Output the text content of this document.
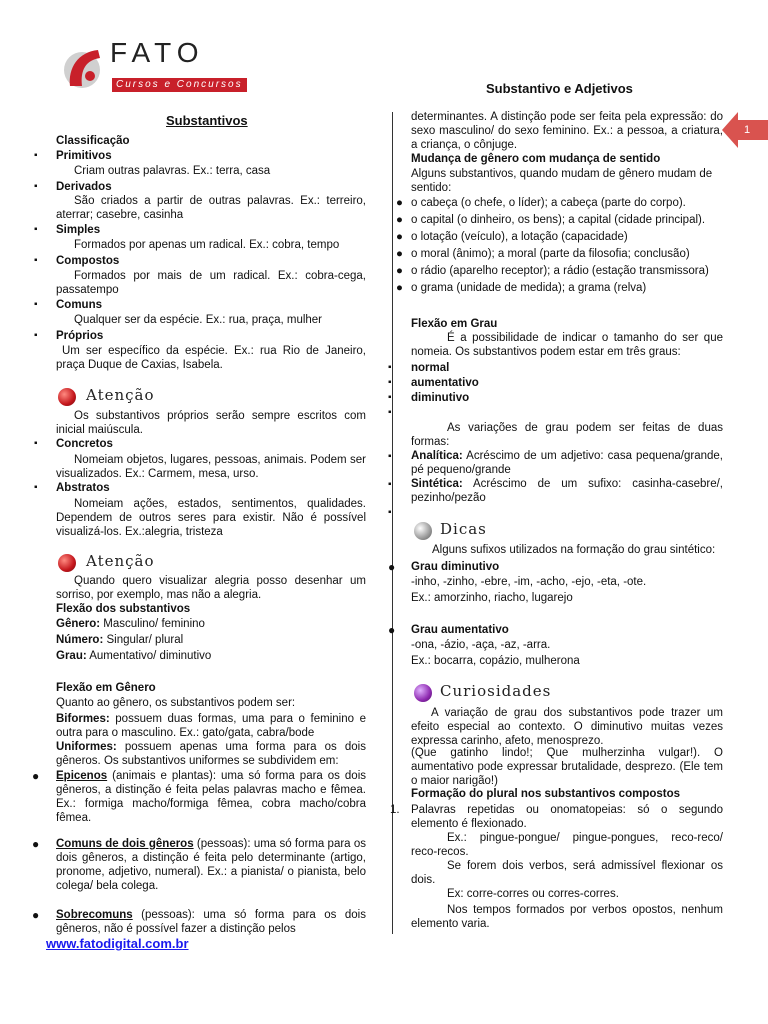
FATO
Cursos e Concursos	Substantivo e Adjetivos
1
Substantivos
Classificação
▪ Primitivos
Criam outras palavras. Ex.: terra, casa
▪ Derivados
São criados a partir de outras palavras. Ex.: terreiro, aterrar; casebre, casinha
▪ Simples
Formados por apenas um radical. Ex.: cobra, tempo
▪ Compostos
Formados por mais de um radical. Ex.: cobra-cega, passatempo
▪ Comuns
Qualquer ser da espécie. Ex.: rua, praça, mulher
▪ Próprios
Um ser específico da espécie. Ex.: rua Rio de Janeiro, praça Duque de Caxias, Isabela.
Atenção
Os substantivos próprios serão sempre escritos com inicial maiúscula.
▪ Concretos
Nomeiam objetos, lugares, pessoas, animais. Podem ser visualizados. Ex.: Carmem, mesa, urso.
▪ Abstratos
Nomeiam ações, estados, sentimentos, qualidades. Dependem de outros seres para existir. Não é possível visualizá-los. Ex.:alegria, tristeza
Atenção
Quando quero visualizar alegria posso desenhar um sorriso, por exemplo, mas não a alegria.
Flexão dos substantivos
Gênero: Masculino/ feminino
Número: Singular/ plural
Grau: Aumentativo/ diminutivo
Flexão em Gênero
Quanto ao gênero, os substantivos podem ser:
Biformes: possuem duas formas, uma para o feminino e outra para o masculino. Ex.: gato/gata, cabra/bode
Uniformes: possuem apenas uma forma para os dois gêneros. Os substantivos uniformes se subdividem em:
● Epicenos (animais e plantas): uma só forma para os dois gêneros, a distinção é feita pelas palavras macho e fêmea. Ex.: formiga macho/formiga fêmea, cobra macho/cobra fêmea.
● Comuns de dois gêneros (pessoas): uma só forma para os dois gêneros, a distinção é feita pelo determinante (artigo, pronome, adjetivo, numeral). Ex.: a pianista/ o pianista, belo colega/ bela colega.
● Sobrecomuns (pessoas): uma só forma para os dois gêneros, não é possível fazer a distinção pelos
www.fatodigital.com.br
determinantes. A distinção pode ser feita pela expressão: do sexo masculino/ do sexo feminino. Ex.: a pessoa, a criatura, a criança, o cônjuge.
Mudança de gênero com mudança de sentido
Alguns substantivos, quando mudam de gênero mudam de sentido:
● o cabeça (o chefe, o líder); a cabeça (parte do corpo).
● o capital (o dinheiro, os bens); a capital (cidade principal).
● o lotação (veículo), a lotação (capacidade)
● o moral (ânimo); a moral (parte da filosofia; conclusão)
● o rádio (aparelho receptor); a rádio (estação transmissora)
● o grama (unidade de medida); a grama (relva)
Flexão em Grau
É a possibilidade de indicar o tamanho do ser que nomeia. Os substantivos podem estar em três graus:
▪ normal
▪ aumentativo
▪ diminutivo
▪
As variações de grau podem ser feitas de duas formas:
▪ Analítica: Acréscimo de um adjetivo: casa pequena/grande, pé pequeno/grande
▪ Sintética: Acréscimo de um sufixo: casinha-casebre/, pezinho/pezão
▪
Dicas
Alguns sufixos utilizados na formação do grau sintético:
● Grau diminutivo
-inho, -zinho, -ebre, -im, -acho, -ejo, -eta, -ote.
Ex.: amorzinho, riacho, lugarejo
● Grau aumentativo
-ona, -ázio, -aça, -az, -arra.
Ex.: bocarra, copázio, mulherona
Curiosidades
A variação de grau dos substantivos pode trazer um efeito especial ao contexto. O diminutivo muitas vezes expressa carinho, afeto, menosprezo.
(Que gatinho lindo!; Que mulherzinha vulgar!). O aumentativo pode expressar brutalidade, desprezo. (Ele tem o maior narigão!)
Formação do plural nos substantivos compostos
1. Palavras repetidas ou onomatopeias: só o segundo elemento é flexionado.
Ex.: pingue-pongue/ pingue-pongues, reco-reco/ reco-recos.
Se forem dois verbos, será admissível flexionar os dois.
Ex: corre-corres ou corres-corres.
Nos tempos formados por verbos opostos, nenhum elemento varia.
